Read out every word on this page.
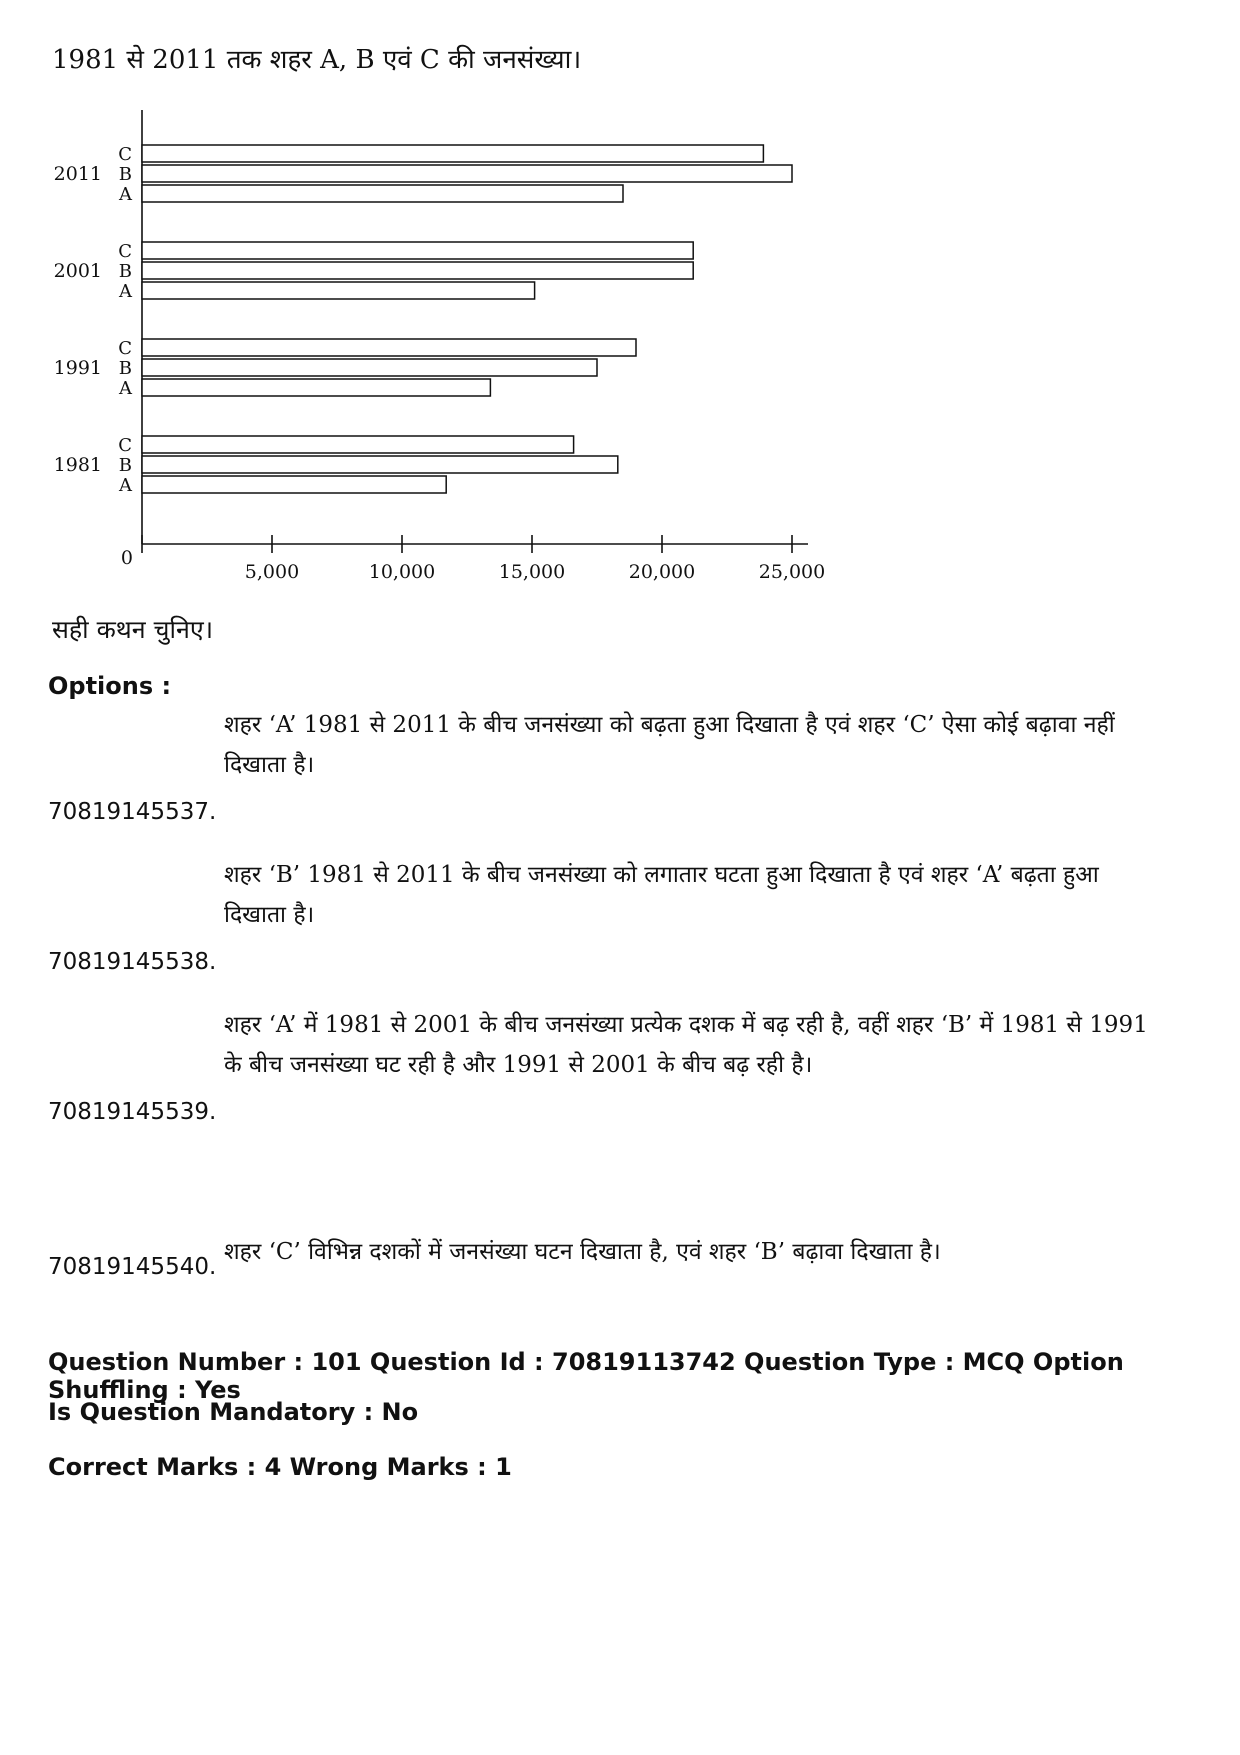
1981 से 2011 तक शहर A, B एवं C की जनसंख्या।
0
5,000	10,000	15,000	20,000	25,000
C
B
A
2011
C
B
A
2001
C
B
A
1991
C
B
A
1981
सही कथन चुनिए।
Options :
70819145537.
शहर ‘A’ 1981 से 2011 के बीच जनसंख्या को बढ़ता हुआ दिखाता है एवं शहर ‘C’ ऐसा कोई बढ़ावा नहीं दिखाता है।
70819145538.
शहर ‘B’ 1981 से 2011 के बीच जनसंख्या को लगातार घटता हुआ दिखाता है एवं शहर ‘A’ बढ़ता हुआ दिखाता है।
70819145539.
शहर ‘A’ में 1981 से 2001 के बीच जनसंख्या प्रत्येक दशक में बढ़ रही है, वहीं शहर ‘B’ में 1981 से 1991 के बीच जनसंख्या घट रही है और 1991 से 2001 के बीच बढ़ रही है।
70819145540.
शहर ‘C’ विभिन्न दशकों में जनसंख्या घटन दिखाता है, एवं शहर ‘B’ बढ़ावा दिखाता है।
Question Number : 101 Question Id : 70819113742 Question Type : MCQ Option Shuffling : Yes
Is Question Mandatory : No
Correct Marks : 4 Wrong Marks : 1
